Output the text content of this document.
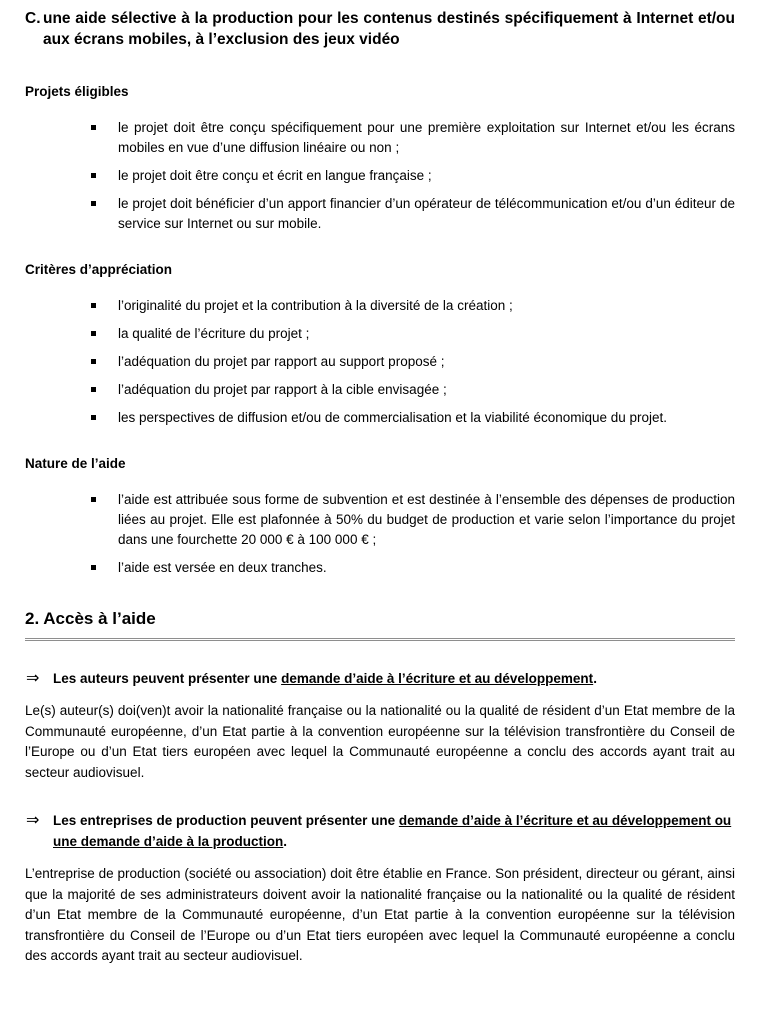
C. une aide sélective à la production pour les contenus destinés spécifiquement à Internet et/ou aux écrans mobiles, à l’exclusion des jeux vidéo
Projets éligibles
le projet doit être conçu spécifiquement pour une première exploitation sur Internet et/ou les écrans mobiles en vue d’une diffusion linéaire ou non ;
le projet doit être conçu et écrit en langue française ;
le projet doit bénéficier d’un apport financier d’un opérateur de télécommunication et/ou d’un éditeur de service sur Internet ou sur mobile.
Critères d’appréciation
l’originalité du projet et la contribution à la diversité de la création ;
la qualité de l’écriture du projet ;
l’adéquation du projet par rapport au support proposé ;
l’adéquation du projet par rapport à la cible envisagée ;
les perspectives de diffusion et/ou de commercialisation et la viabilité économique du projet.
Nature de l’aide
l’aide est attribuée sous forme de subvention et est destinée à l’ensemble des dépenses de production liées au projet. Elle est plafonnée à 50% du budget de production et varie selon l’importance du projet dans une fourchette 20 000 € à 100 000 € ;
l’aide est versée en deux tranches.
2. Accès à l’aide
⇒	Les auteurs peuvent présenter une demande d’aide à l’écriture et au développement.

Le(s) auteur(s) doi(ven)t avoir la nationalité française ou la nationalité ou la qualité de résident d’un Etat membre de la Communauté européenne, d’un Etat partie à la convention européenne sur la télévision transfrontière du Conseil de l’Europe ou d’un Etat tiers européen avec lequel la Communauté européenne a conclu des accords ayant trait au secteur audiovisuel.

⇒	Les entreprises de production peuvent présenter une demande d’aide à l’écriture et au développement ou une demande d’aide à la production.

L’entreprise de production (société ou association) doit être établie en France. Son président, directeur ou gérant, ainsi que la majorité de ses administrateurs doivent avoir la nationalité française ou la nationalité ou la qualité de résident d’un Etat membre de la Communauté européenne, d’un Etat partie à la convention européenne sur la télévision transfrontière du Conseil de l’Europe ou d’un Etat tiers européen avec lequel la Communauté européenne a conclu des accords ayant trait au secteur audiovisuel.
